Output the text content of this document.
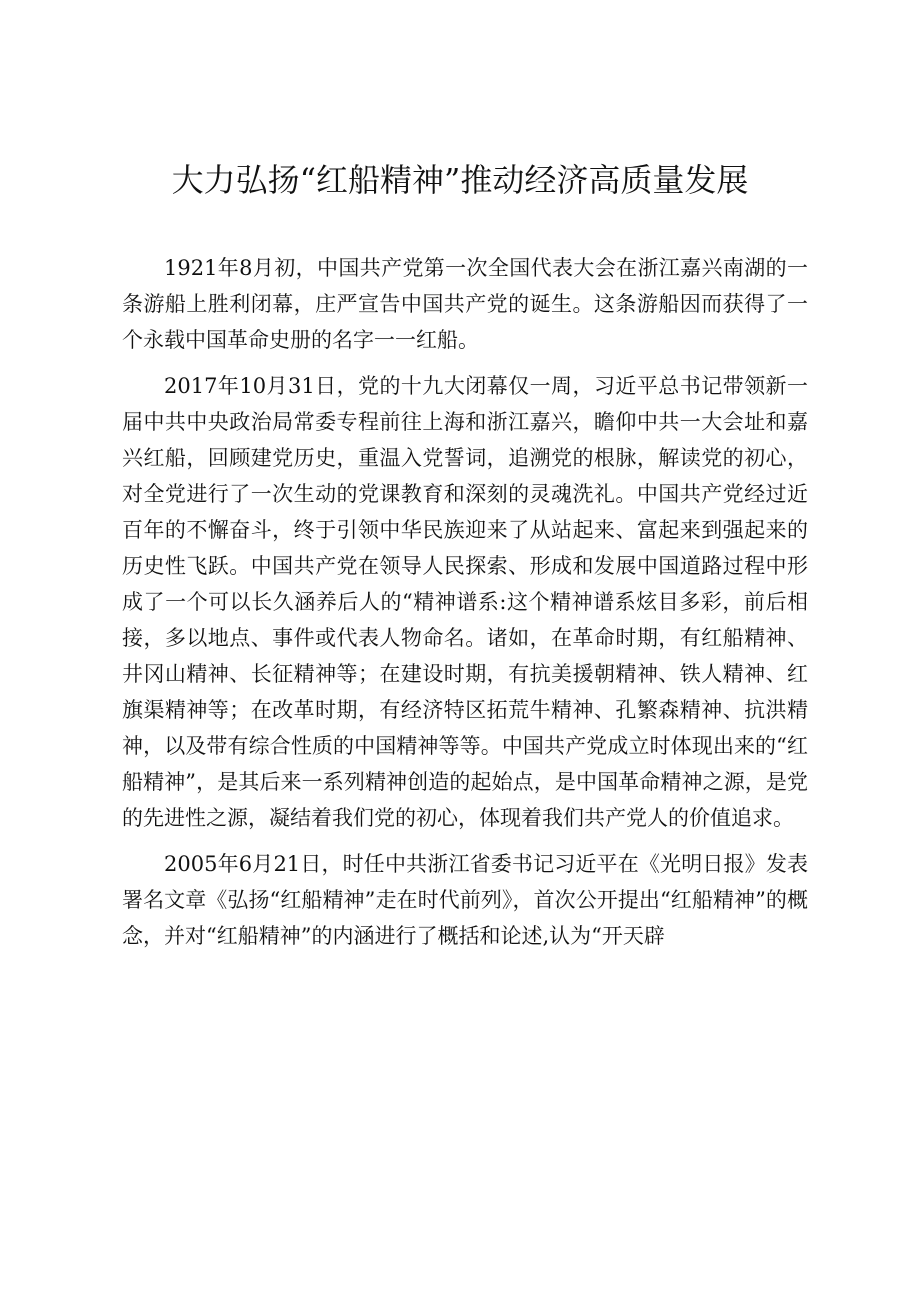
大力弘扬“红船精神”推动经济高质量发展

1921年8月初，中国共产党第一次全国代表大会在浙江嘉兴南湖的一条游船上胜利闭幕，庄严宣告中国共产党的诞生。这条游船因而获得了一个永载中国革命史册的名字一一红船。

2017年10月31日，党的十九大闭幕仅一周，习近平总书记带领新一届中共中央政治局常委专程前往上海和浙江嘉兴，瞻仰中共一大会址和嘉兴红船，回顾建党历史，重温入党誓词，追溯党的根脉，解读党的初心，对全党进行了一次生动的党课教育和深刻的灵魂洗礼。中国共产党经过近百年的不懈奋斗，终于引领中华民族迎来了从站起来、富起来到强起来的历史性飞跃。中国共产党在领导人民探索、形成和发展中国道路过程中形成了一个可以长久涵养后人的“精神谱系:这个精神谱系炫目多彩，前后相接，多以地点、事件或代表人物命名。诸如，在革命时期，有红船精神、井冈山精神、长征精神等；在建设时期，有抗美援朝精神、铁人精神、红旗渠精神等；在改革时期，有经济特区拓荒牛精神、孔繁森精神、抗洪精神，以及带有综合性质的中国精神等等。中国共产党成立时体现出来的“红船精神”，是其后来一系列精神创造的起始点，是中国革命精神之源，是党的先进性之源，凝结着我们党的初心，体现着我们共产党人的价值追求。

2005年6月21日，时任中共浙江省委书记习近平在《光明日报》发表署名文章《弘扬“红船精神”走在时代前列》，首次公开提出“红船精神”的概念，并对“红船精神”的内涵进行了概括和论述,认为“开天辟
